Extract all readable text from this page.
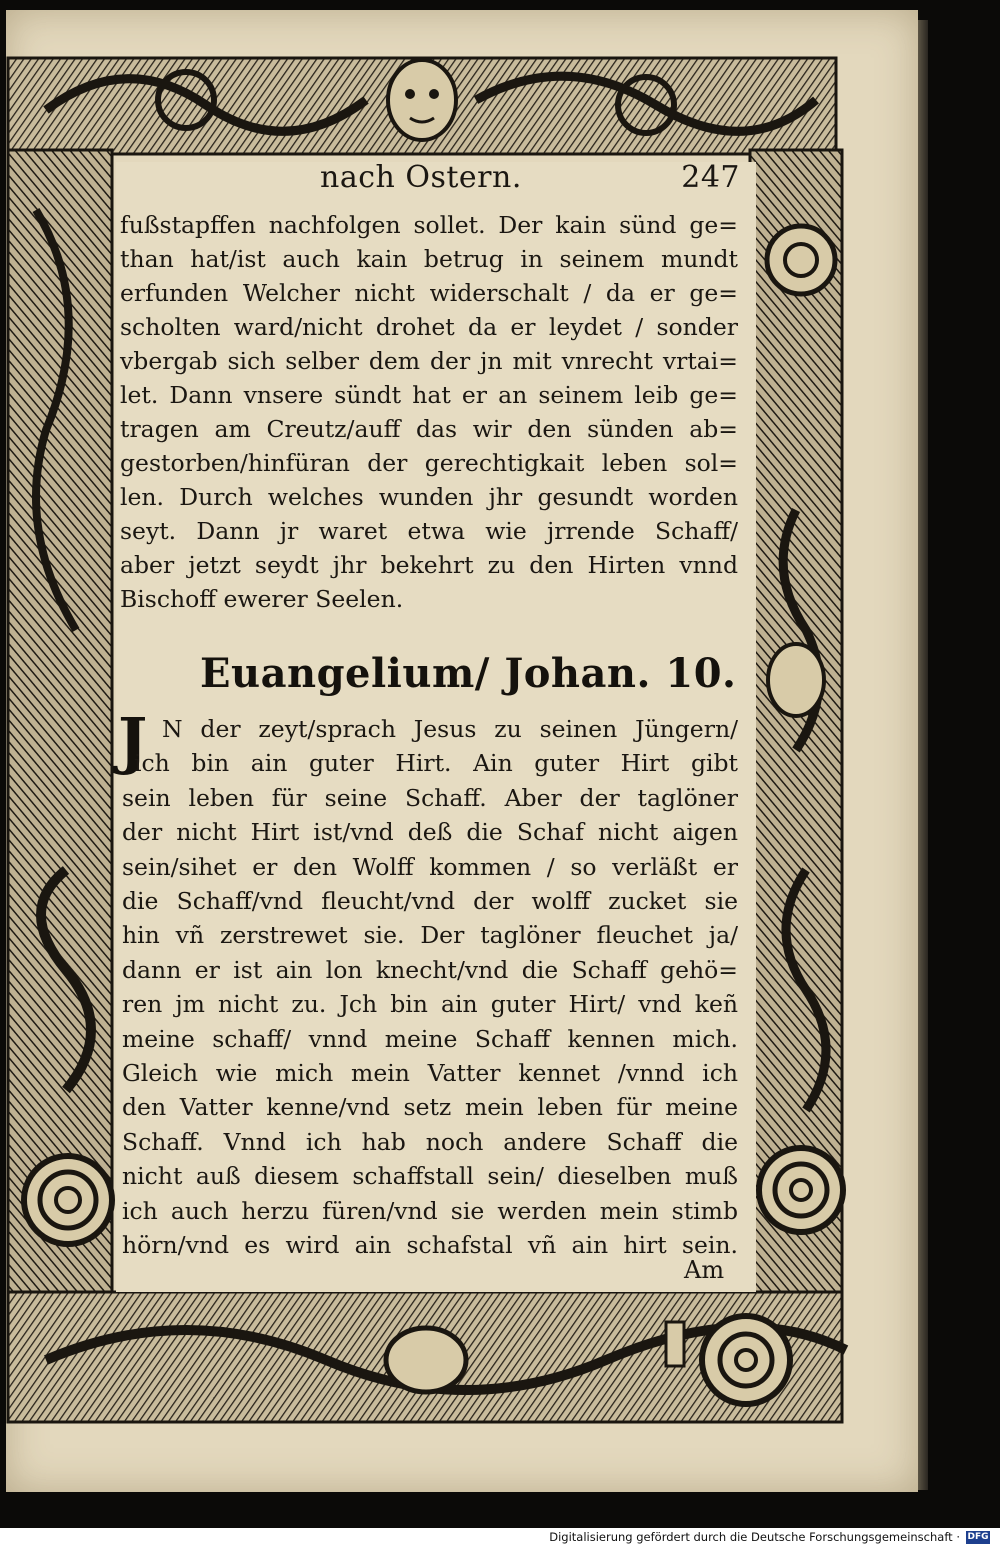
nach Ostern.	247
fußstapffen nachfolgen sollet. Der kain sünd ge=
than hat/ist auch kain betrug in seinem mundt
erfunden Welcher nicht widerschalt / da er ge=
scholten ward/nicht drohet da er leydet / sonder
vbergab sich selber dem der jn mit vnrecht vrtai=
let. Dann vnsere sündt hat er an seinem leib ge=
tragen am Creutz/auff das wir den sünden ab=
gestorben/hinfüran der gerechtigkait leben sol=
len. Durch welches wunden jhr gesundt worden
seyt. Dann jr waret etwa wie jrrende Schaff/
aber jetzt seydt jhr bekehrt zu den Hirten vnnd
Bischoff ewerer Seelen.
Euangelium/ Johan. 10.
J N der zeyt/sprach Jesus zu seinen Jüngern/
ich bin ain guter Hirt. Ain guter Hirt gibt
sein leben für seine Schaff. Aber der taglöner
der nicht Hirt ist/vnd deß die Schaf nicht aigen
sein/sihet er den Wolff kommen / so verläßt er
die Schaff/vnd fleucht/vnd der wolff zucket sie
hin vñ zerstrewet sie. Der taglöner fleuchet ja/
dann er ist ain lon knecht/vnd die Schaff gehö=
ren jm nicht zu. Jch bin ain guter Hirt/ vnd keñ
meine schaff/ vnnd meine Schaff kennen mich.
Gleich wie mich mein Vatter kennet /vnnd ich
den Vatter kenne/vnd setz mein leben für meine
Schaff. Vnnd ich hab noch andere Schaff die
nicht auß diesem schaffstall sein/ dieselben muß
ich auch herzu füren/vnd sie werden mein stimb
hörn/vnd es wird ain schafstal vñ ain hirt sein.
Am
Digitalisierung gefördert durch die Deutsche Forschungsgemeinschaft · DFG
